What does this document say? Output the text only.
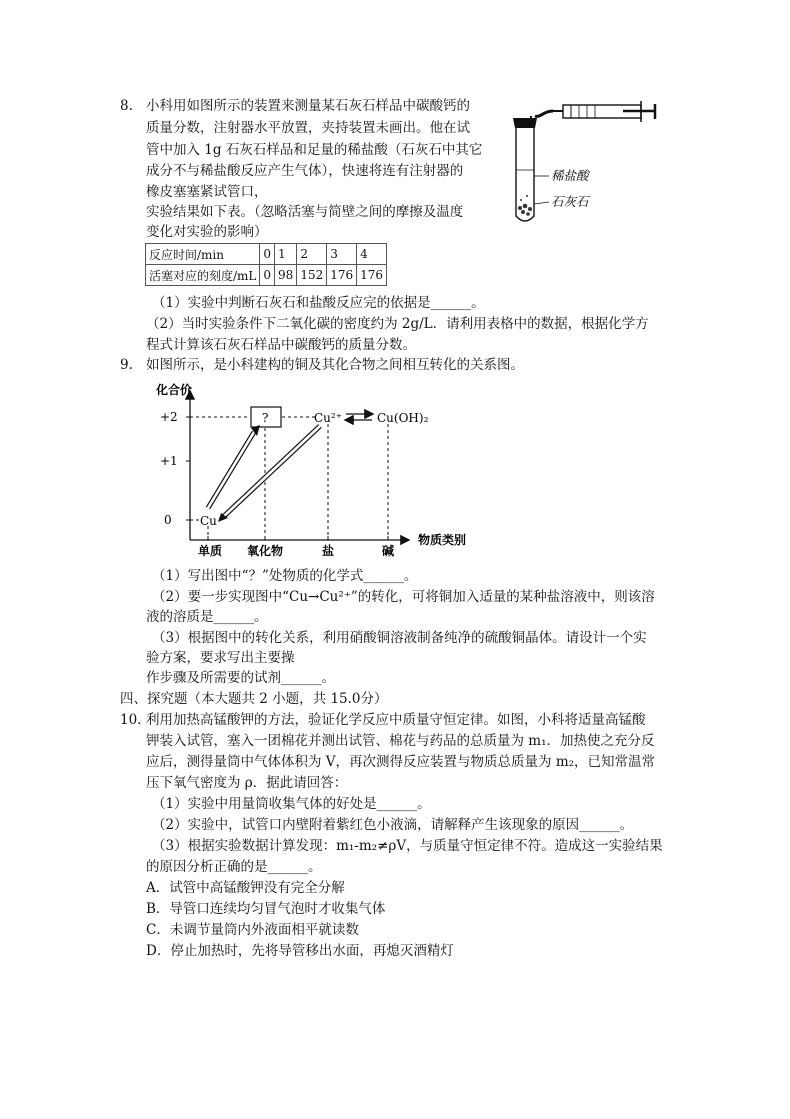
8. 小科用如图所示的装置来测量某石灰石样品中碳酸钙的
质量分数，注射器水平放置，夹持装置未画出。他在试
管中加入 1g 石灰石样品和足量的稀盐酸（石灰石中其它
成分不与稀盐酸反应产生气体），快速将连有注射器的
橡皮塞塞紧试管口，
实验结果如下表。（忽略活塞与简壁之间的摩擦及温度
变化对实验的影响）
反应时间/min	0	1	2	3	4
活塞对应的刻度/mL	0	98	152	176	176
（1）实验中判断石灰石和盐酸反应完的依据是______。
（2）当时实验条件下二氧化碳的密度约为 2g/L．请利用表格中的数据，根据化学方
程式计算该石灰石样品中碳酸钙的质量分数。
稀盐酸
石灰石
9. 如图所示，是小科建构的铜及其化合物之间相互转化的关系图。
化合价
物质类别
+2
+1
0
单质 氧化物	盐	碱
?	Cu²⁺	Cu(OH)₂
Cu
（1）写出图中“？”处物质的化学式______。
（2）要一步实现图中“Cu→Cu²⁺”的转化，可将铜加入适量的某种盐溶液中，则该溶
液的溶质是______。
（3）根据图中的转化关系，利用硝酸铜溶液制备纯净的硫酸铜晶体。请设计一个实
验方案，要求写出主要操
作步骤及所需要的试剂______。
四、探究题（本大题共 2 小题，共 15.0分）
10. 利用加热高锰酸钾的方法，验证化学反应中质量守恒定律。如图，小科将适量高锰酸
钾装入试管，塞入一团棉花并测出试管、棉花与药品的总质量为 m₁．加热使之充分反
应后，测得量筒中气体体积为 V，再次测得反应装置与物质总质量为 m₂，已知常温常
压下氧气密度为 ρ．据此请回答：
（1）实验中用量筒收集气体的好处是______。
（2）实验中，试管口内壁附着紫红色小液滴，请解释产生该现象的原因______。
（3）根据实验数据计算发现：m₁-m₂≠ρV，与质量守恒定律不符。造成这一实验结果
的原因分析正确的是______。
A．试管中高锰酸钾没有完全分解
B．导管口连续均匀冒气泡时才收集气体
C．未调节量筒内外液面相平就读数
D．停止加热时，先将导管移出水面，再熄灭酒精灯
